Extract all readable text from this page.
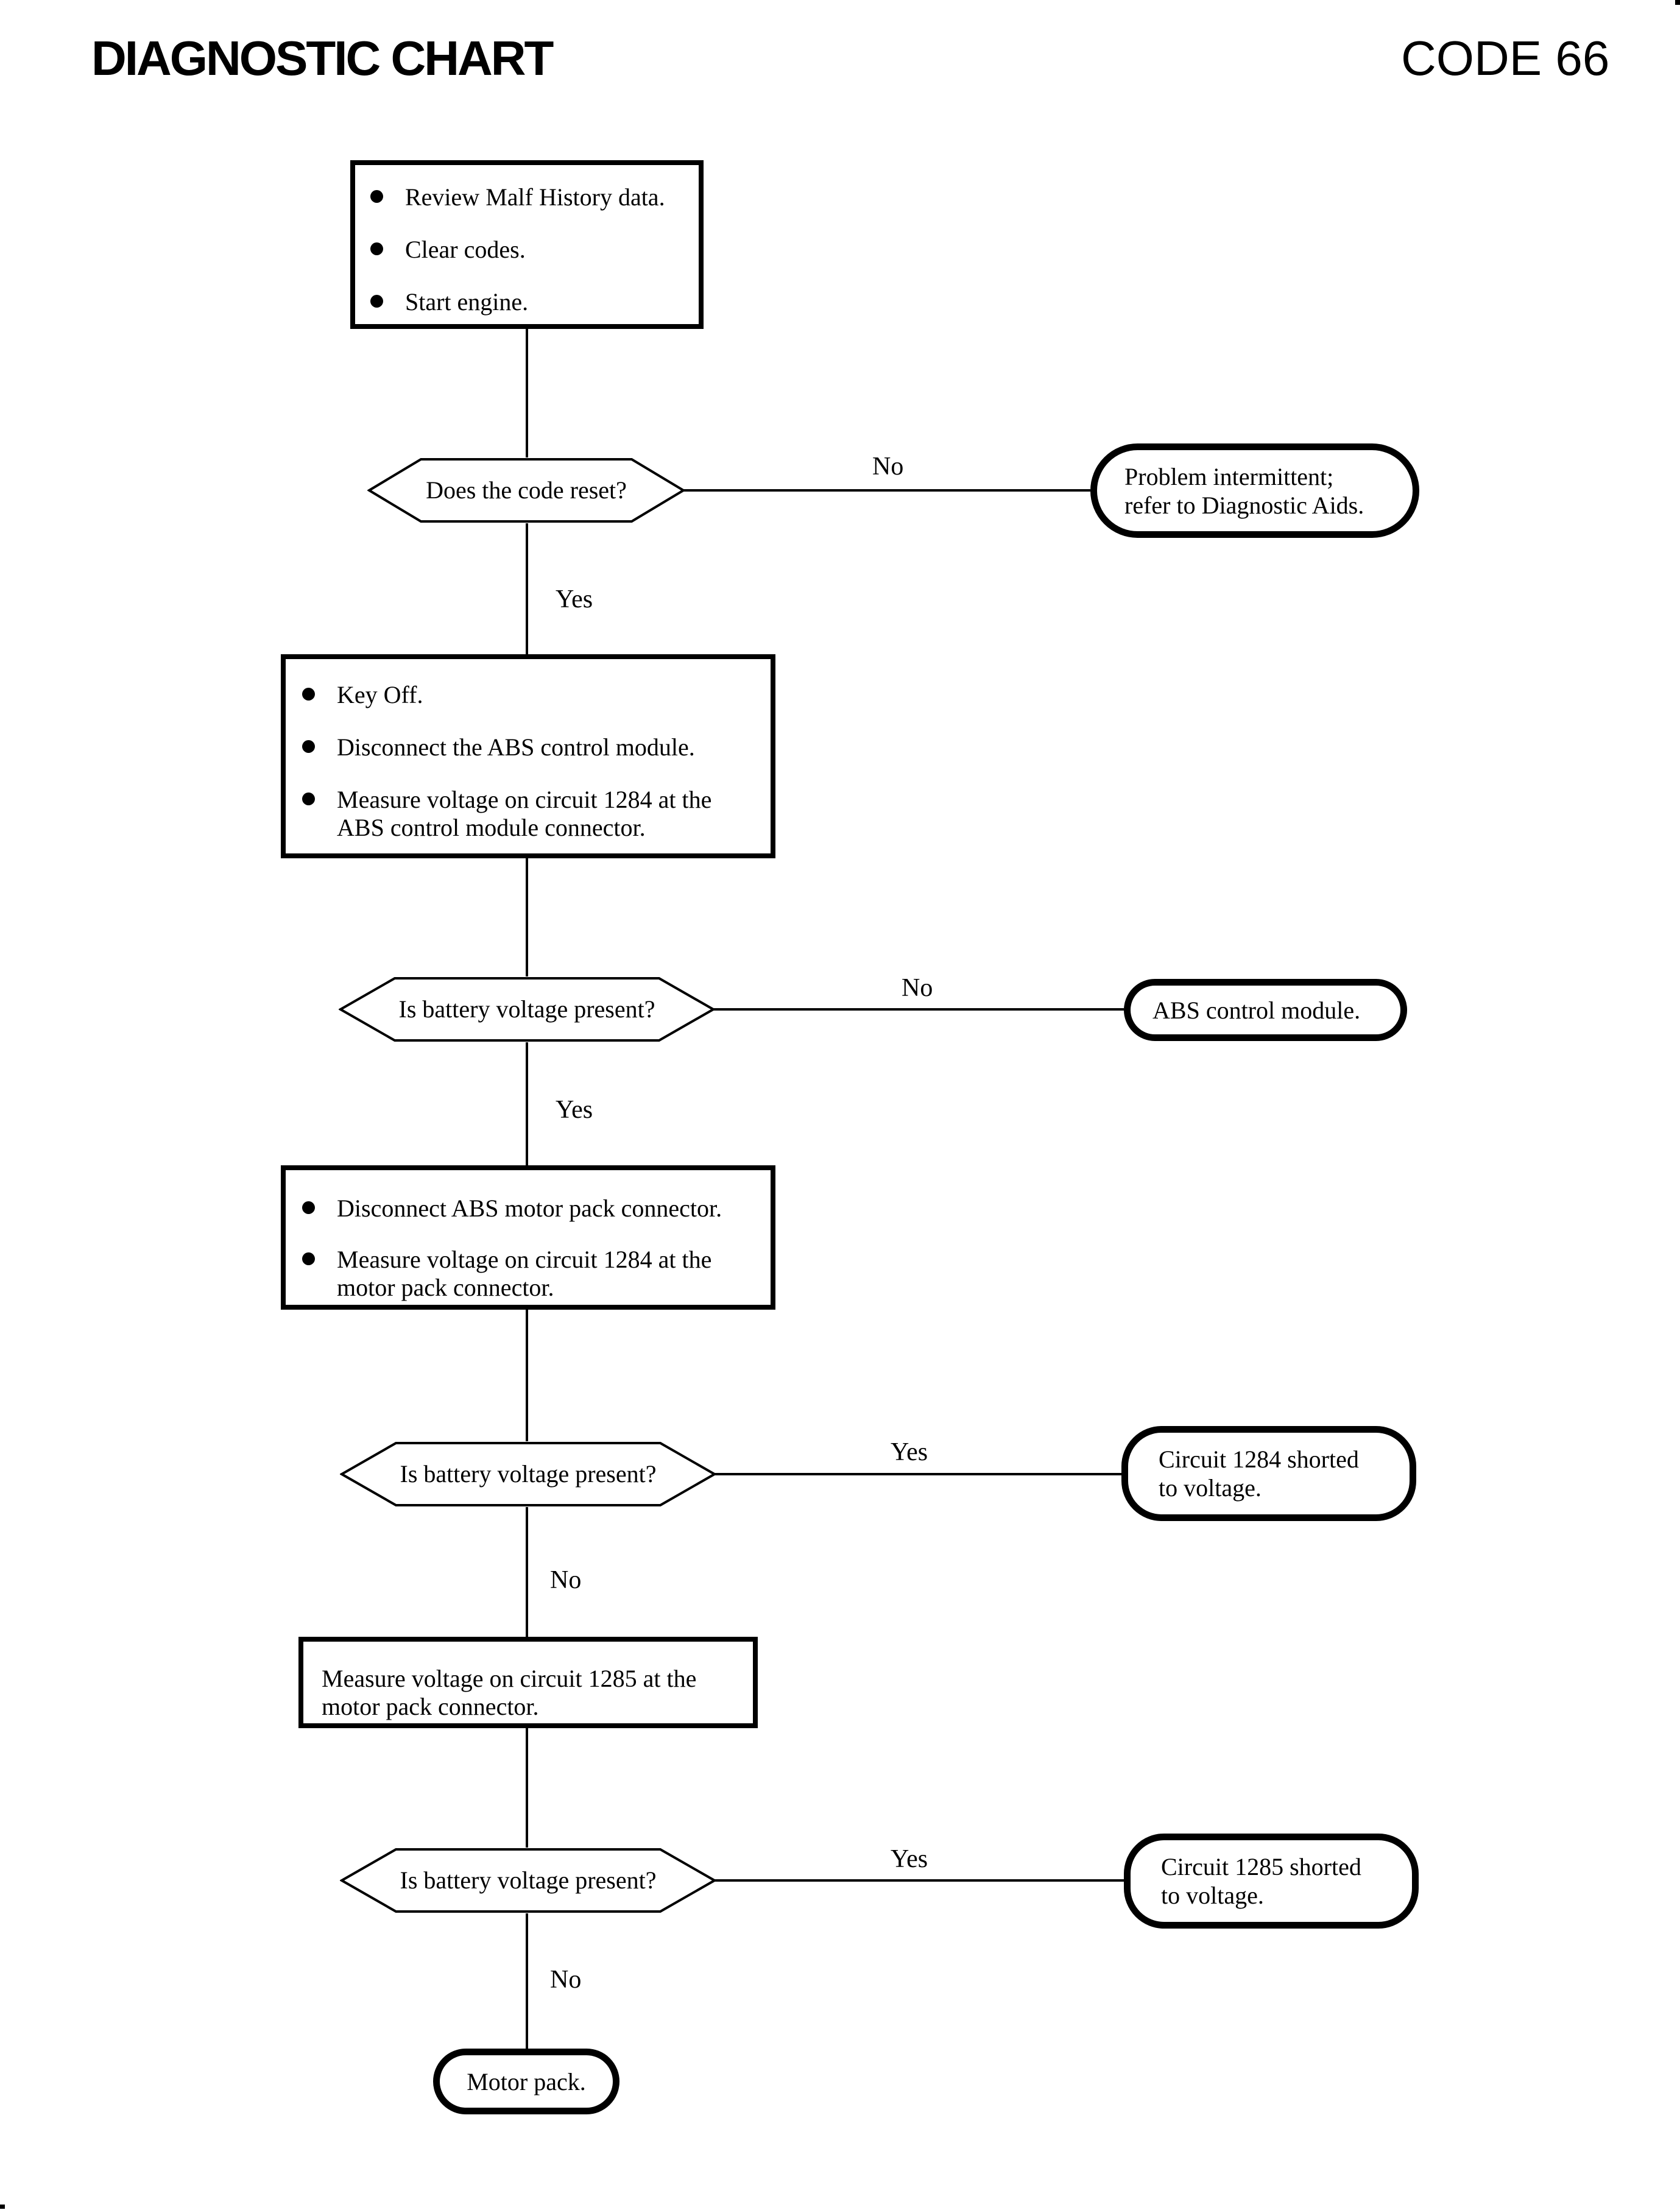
DIAGNOSTIC CHART	CODE 66
Review Malf History data.
Clear codes.
Start engine.
Does the code reset?
No
Yes
Problem intermittent;
refer to Diagnostic Aids.
Key Off.
Disconnect the ABS control module.
Measure voltage on circuit 1284 at the ABS control module connector.
Is battery voltage present?
No
Yes
ABS control module.
Disconnect ABS motor pack connector.
Measure voltage on circuit 1284 at the motor pack connector.
Is battery voltage present?
Yes
No
Circuit 1284 shorted
to voltage.
Measure voltage on circuit 1285 at the motor pack connector.
Is battery voltage present?
Yes
No
Circuit 1285 shorted
to voltage.
Motor pack.
